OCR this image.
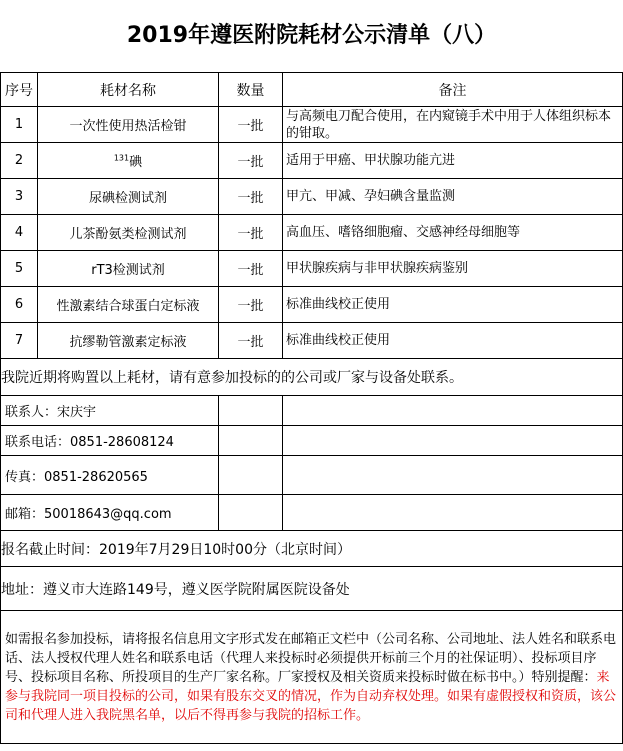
2019年遵医附院耗材公示清单（八）
序号	耗材名称	数量	备注
1	一次性使用热活检钳	一批	与高频电刀配合使用，在内窥镜手术中用于人体组织标本的钳取。
2	$^{131}$碘	一批	适用于甲癌、甲状腺功能亢进
3	尿碘检测试剂	一批	甲亢、甲减、孕妇碘含量监测
4	儿茶酚氨类检测试剂	一批	高血压、嗜铬细胞瘤、交感神经母细胞等
5	rT3检测试剂	一批	甲状腺疾病与非甲状腺疾病鉴别
6	性激素结合球蛋白定标液	一批	标准曲线校正使用
7	抗缪勒管激素定标液	一批	标准曲线校正使用
我院近期将购置以上耗材，请有意参加投标的的公司或厂家与设备处联系。			
联系人：宋庆宇			
联系电话：0851-28608124			
传真：0851-28620565			
邮箱：50018643@qq.com			
报名截止时间：2019年7月29日10时00分（北京时间）			
地址：遵义市大连路149号，遵义医学院附属医院设备处			
如需报名参加投标，请将报名信息用文字形式发在邮箱正文栏中（公司名称、公司地址、法人姓名和联系电话、法人授权代理人姓名和联系电话（代理人来投标时必须提供开标前三个月的社保证明）、投标项目序号、投标项目名称、所投项目的生产厂家名称。厂家授权及相关资质来投标时做在标书中。）特别提醒：来参与我院同一项目投标的公司，如果有股东交叉的情况，作为自动弃权处理。如果有虚假授权和资质，该公司和代理人进入我院黑名单，以后不得再参与我院的招标工作。			
